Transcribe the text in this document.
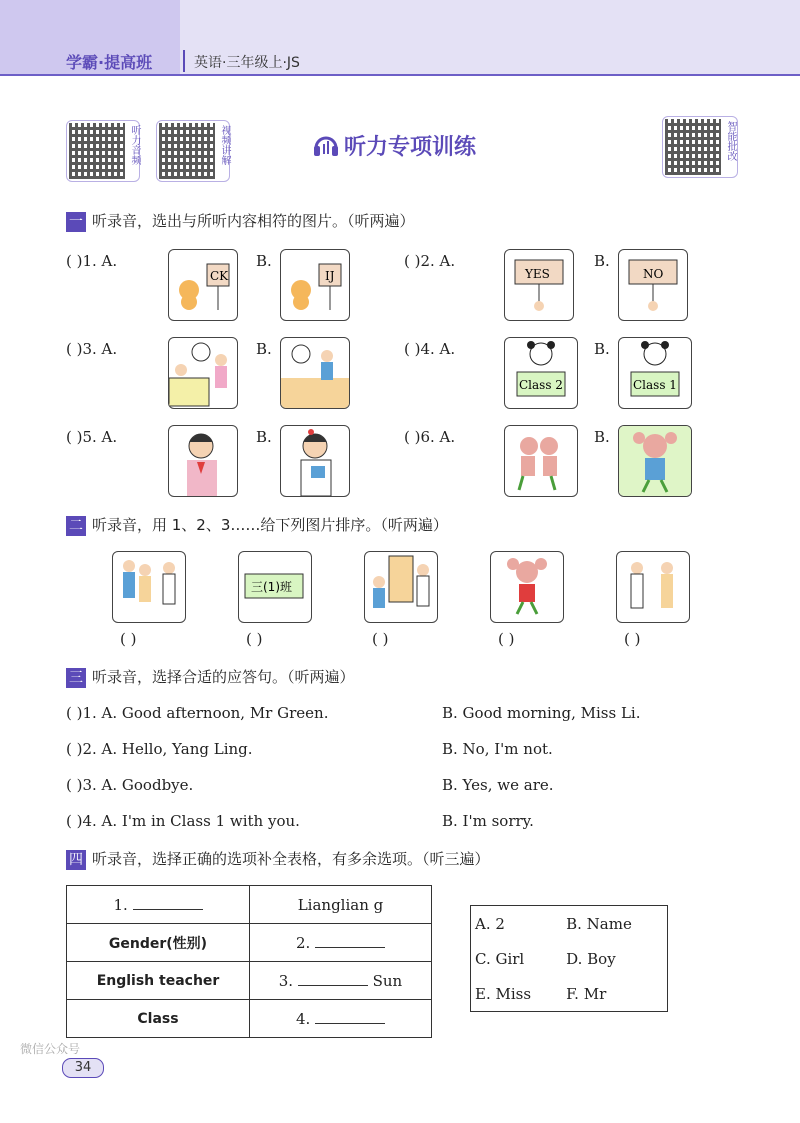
学霸·提高班	英语·三年级上·JS
听力音频	视频讲解	智能批改
听力专项训练
一 听录音，选出与所听内容相符的图片。（听两遍）
( )1. A.
CK
B.
IJ
( )2. A.
YES
B.
NO
( )3. A.	B.	( )4. A.
Class 2
B.
Class 1
( )5. A.	B.	( )6. A.	B.
二 听录音，用 1、2、3……给下列图片排序。（听两遍）
三(1)班
( )	( )	( )	( )	( )
三 听录音，选择合适的应答句。（听两遍）
( )1. A. Good afternoon, Mr Green.	B. Good morning, Miss Li.
( )2. A. Hello, Yang Ling.	B. No, I'm not.
( )3. A. Goodbye.	B. Yes, we are.
( )4. A. I'm in Class 1 with you.	B. I'm sorry.
四 听录音，选择正确的选项补全表格，有多余选项。（听三遍）
1.	Lianglian g
Gender(性别)	2.
English teacher	3. Sun
Class	4.
A. 2	B. Name
C. Girl	D. Boy
E. Miss	F. Mr
微信公众号
34
